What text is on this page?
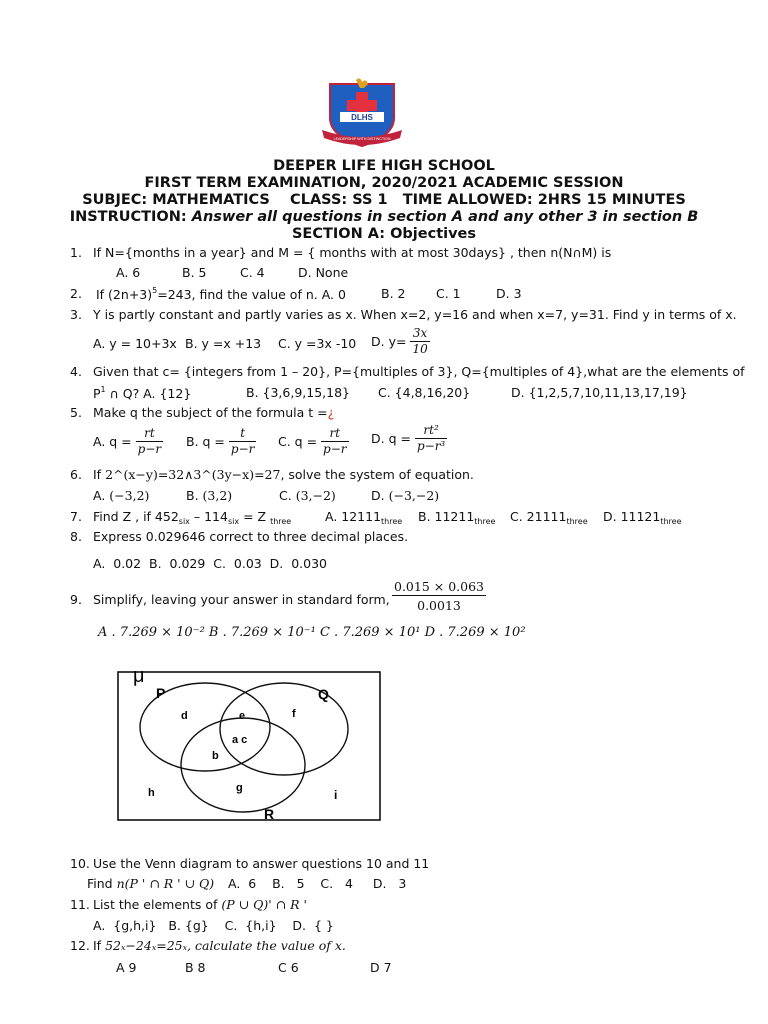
DLHS
LEADERSHIP WITH DISTINCTION
DEEPER LIFE HIGH SCHOOL
FIRST TERM EXAMINATION, 2020/2021 ACADEMIC SESSION
SUBJEC: MATHEMATICS    CLASS: SS 1   TIME ALLOWED: 2HRS 15 MINUTES
INSTRUCTION: Answer all questions in section A and any other 3 in section B
SECTION A: Objectives
1. If N={months in a year} and M = { months with at most 30days} , then n(N∩M) is
A. 6	B. 5	C. 4	D. None
2. If $(2n+3)^5=243$, find the value of n. A. 0	B. 2 C. 1	D. 3
3. Y is partly constant and partly varies as x. When x=2, y=16 and when x=7, y=31. Find y in terms of x.
A. y = 10+3x B. y =x +13 C. y =3x -10 D. $y= \frac{3x}{10}$
4. Given that ϲ= {integers from 1 – 20}, P={multiples of 3}, Q={multiples of 4},what are the elements of
$P^1$ ∩ Q? A. {12}	B. {3,6,9,15,18} C. {4,8,16,20}	D. {1,2,5,7,10,11,13,17,19}
5. Make q the subject of the formula t =¿
A. $q = \frac{rt}{p-r} B$. $q = \frac{t}{p-r} C$. $q = \frac{rt}{p-r} D$. $q = \frac{\text{rt²}}{\text{p−r³}}$
6. If 2^(x−y)=32∧3^(3y−x)=27, solve the system of equation.
A. (−3,2)	B. (3,2)	C. (3,−2)	D. (−3,−2)
7. Find Z , if $452_{six} - 114_{six} = Z$ $_{three}$	A. $12111_{three}$ B. $11211_{three}$ C. $21111_{three}$ D. $11121_{three}$
8. Express 0.029646 correct to three decimal places.
A.  0.02  B.  0.029  C.  0.03  D.  0.030
9. Simplify, leaving your answer in standard form, $\frac{0.015 \times 0.063}{0.0013}$
A . 7.269 × 10⁻² B . 7.269 × 10⁻¹ C . 7.269 × 10¹ D . 7.269 × 10²
μ
P	Q
R
d	e	f
a c
b
g
h	i
10. Use the Venn diagram to answer questions 10 and 11
Find n(P ' ∩ R ' ∪ Q) A.  6    B.   5    C.   4     D.   3
11. List the elements of (P ∪ Q)' ∩ R '
A.  {g,h,i}   B. {g}    C.  {h,i}    D.  { }
12. If 52ₓ−24ₓ=25ₓ, calculate the value of x.
A 9	B 8	C 6	D 7
